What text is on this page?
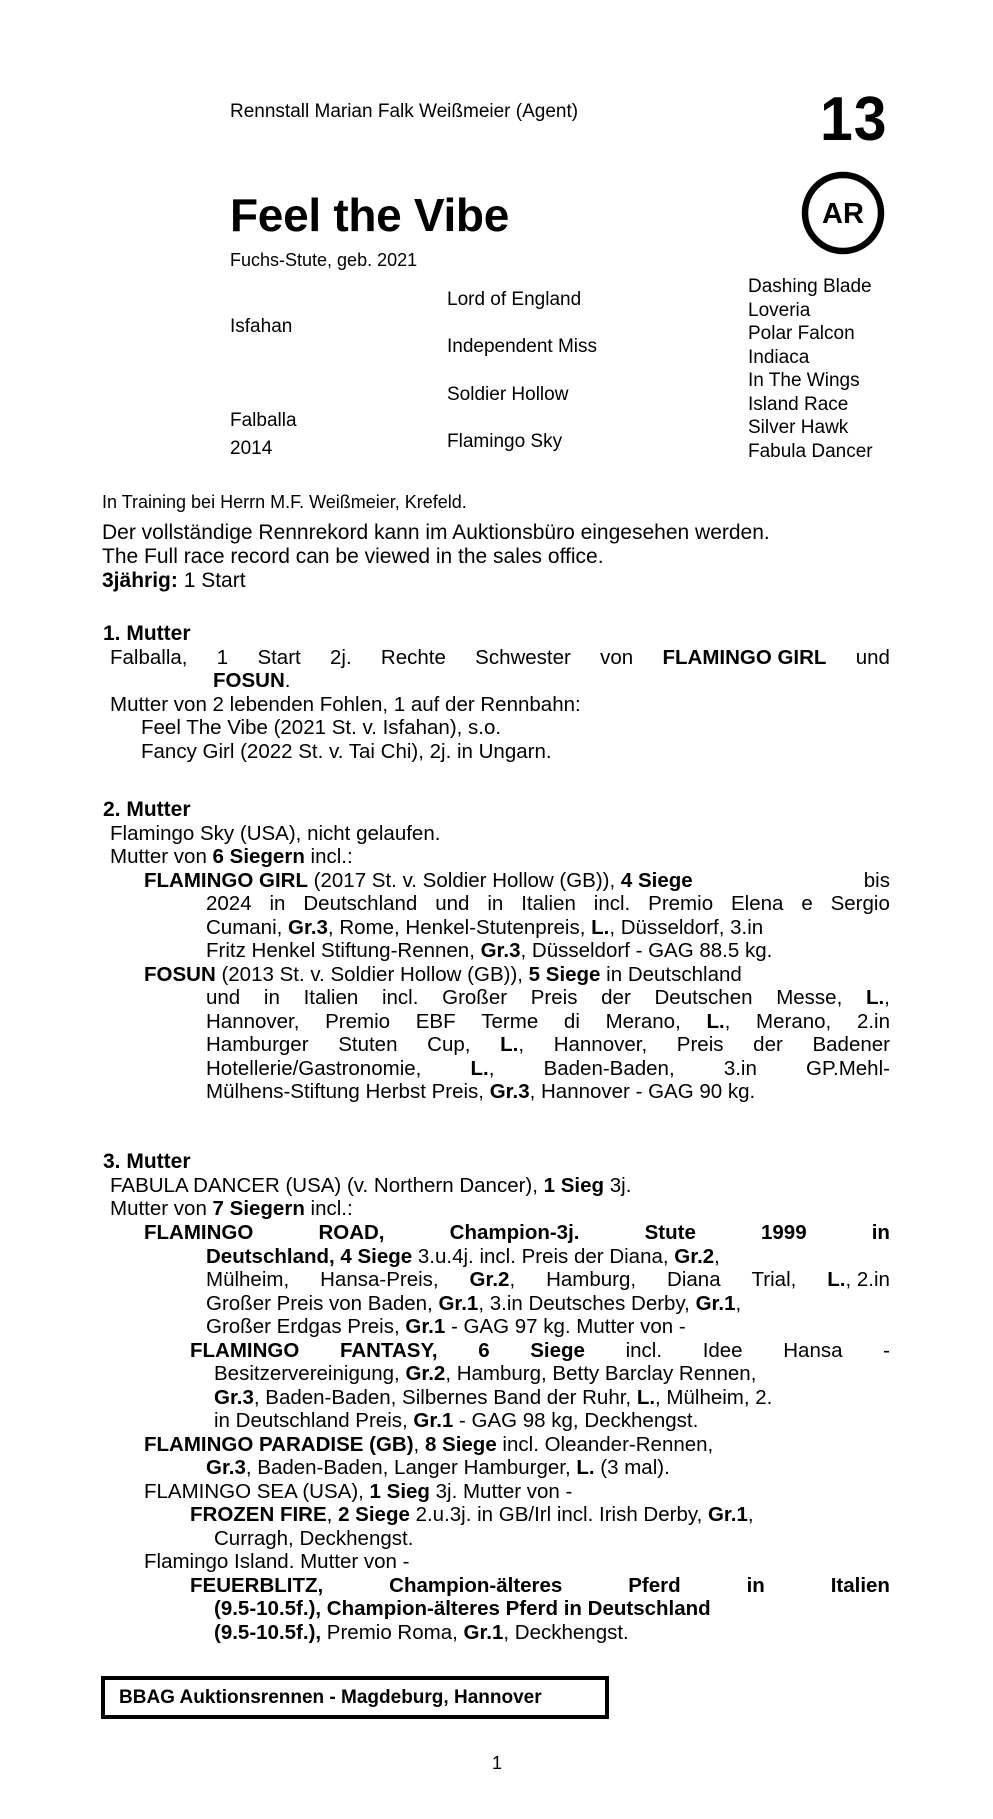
Rennstall Marian Falk Weißmeier (Agent)	13
Feel the Vibe
Fuchs-Stute, geb. 2021
AR
Isfahan
Falballa
2014
Lord of England
Independent Miss
Soldier Hollow
Flamingo Sky
Dashing Blade
Loveria
Polar Falcon
Indiaca
In The Wings
Island Race
Silver Hawk
Fabula Dancer
In Training bei Herrn M.F. Weißmeier, Krefeld.
Der vollständige Rennrekord kann im Auktionsbüro eingesehen werden.
The Full race record can be viewed in the sales office.
3jährig: 1 Start
1. Mutter
Falballa, 1 Start 2j. Rechte Schwester von FLAMINGO GIRL und
FOSUN.
Mutter von 2 lebenden Fohlen, 1 auf der Rennbahn:
Feel The Vibe (2021 St. v. Isfahan), s.o.
Fancy Girl (2022 St. v. Tai Chi), 2j. in Ungarn.
2. Mutter
Flamingo Sky (USA), nicht gelaufen.
Mutter von 6 Siegern incl.:
FLAMINGO GIRL (2017 St. v. Soldier Hollow (GB)), 4 Siege	bis
2024 in Deutschland und in Italien incl. Premio Elena e Sergio
Cumani, Gr.3, Rome, Henkel-Stutenpreis, L., Düsseldorf, 3.in
Fritz Henkel Stiftung-Rennen, Gr.3, Düsseldorf - GAG 88.5 kg.
FOSUN (2013 St. v. Soldier Hollow (GB)), 5 Siege in Deutschland
und in Italien incl. Großer Preis der Deutschen Messe, L.,
Hannover, Premio EBF Terme di Merano, L., Merano, 2.in
Hamburger Stuten Cup, L., Hannover, Preis der Badener
Hotellerie/Gastronomie, L., Baden-Baden, 3.in GP.Mehl-
Mülhens-Stiftung Herbst Preis, Gr.3, Hannover - GAG 90 kg.
3. Mutter
FABULA DANCER (USA) (v. Northern Dancer), 1 Sieg 3j.
Mutter von 7 Siegern incl.:
FLAMINGO	ROAD,	Champion-3j.	Stute	1999	in
Deutschland, 4 Siege 3.u.4j. incl. Preis der Diana, Gr.2,
Mülheim, Hansa-Preis, Gr.2, Hamburg, Diana Trial, L., 2.in
Großer Preis von Baden, Gr.1, 3.in Deutsches Derby, Gr.1,
Großer Erdgas Preis, Gr.1 - GAG 97 kg. Mutter von -
FLAMINGO FANTASY, 6 Siege incl. Idee Hansa -
Besitzervereinigung, Gr.2, Hamburg, Betty Barclay Rennen,
Gr.3, Baden-Baden, Silbernes Band der Ruhr, L., Mülheim, 2.
in Deutschland Preis, Gr.1 - GAG 98 kg, Deckhengst.
FLAMINGO PARADISE (GB), 8 Siege incl. Oleander-Rennen,
Gr.3, Baden-Baden, Langer Hamburger, L. (3 mal).
FLAMINGO SEA (USA), 1 Sieg 3j. Mutter von -
FROZEN FIRE, 2 Siege 2.u.3j. in GB/Irl incl. Irish Derby, Gr.1,
Curragh, Deckhengst.
Flamingo Island. Mutter von -
FEUERBLITZ,	Champion-älteres	Pferd	in	Italien
(9.5-10.5f.), Champion-älteres Pferd in Deutschland
(9.5-10.5f.), Premio Roma, Gr.1, Deckhengst.
BBAG Auktionsrennen - Magdeburg, Hannover
1
